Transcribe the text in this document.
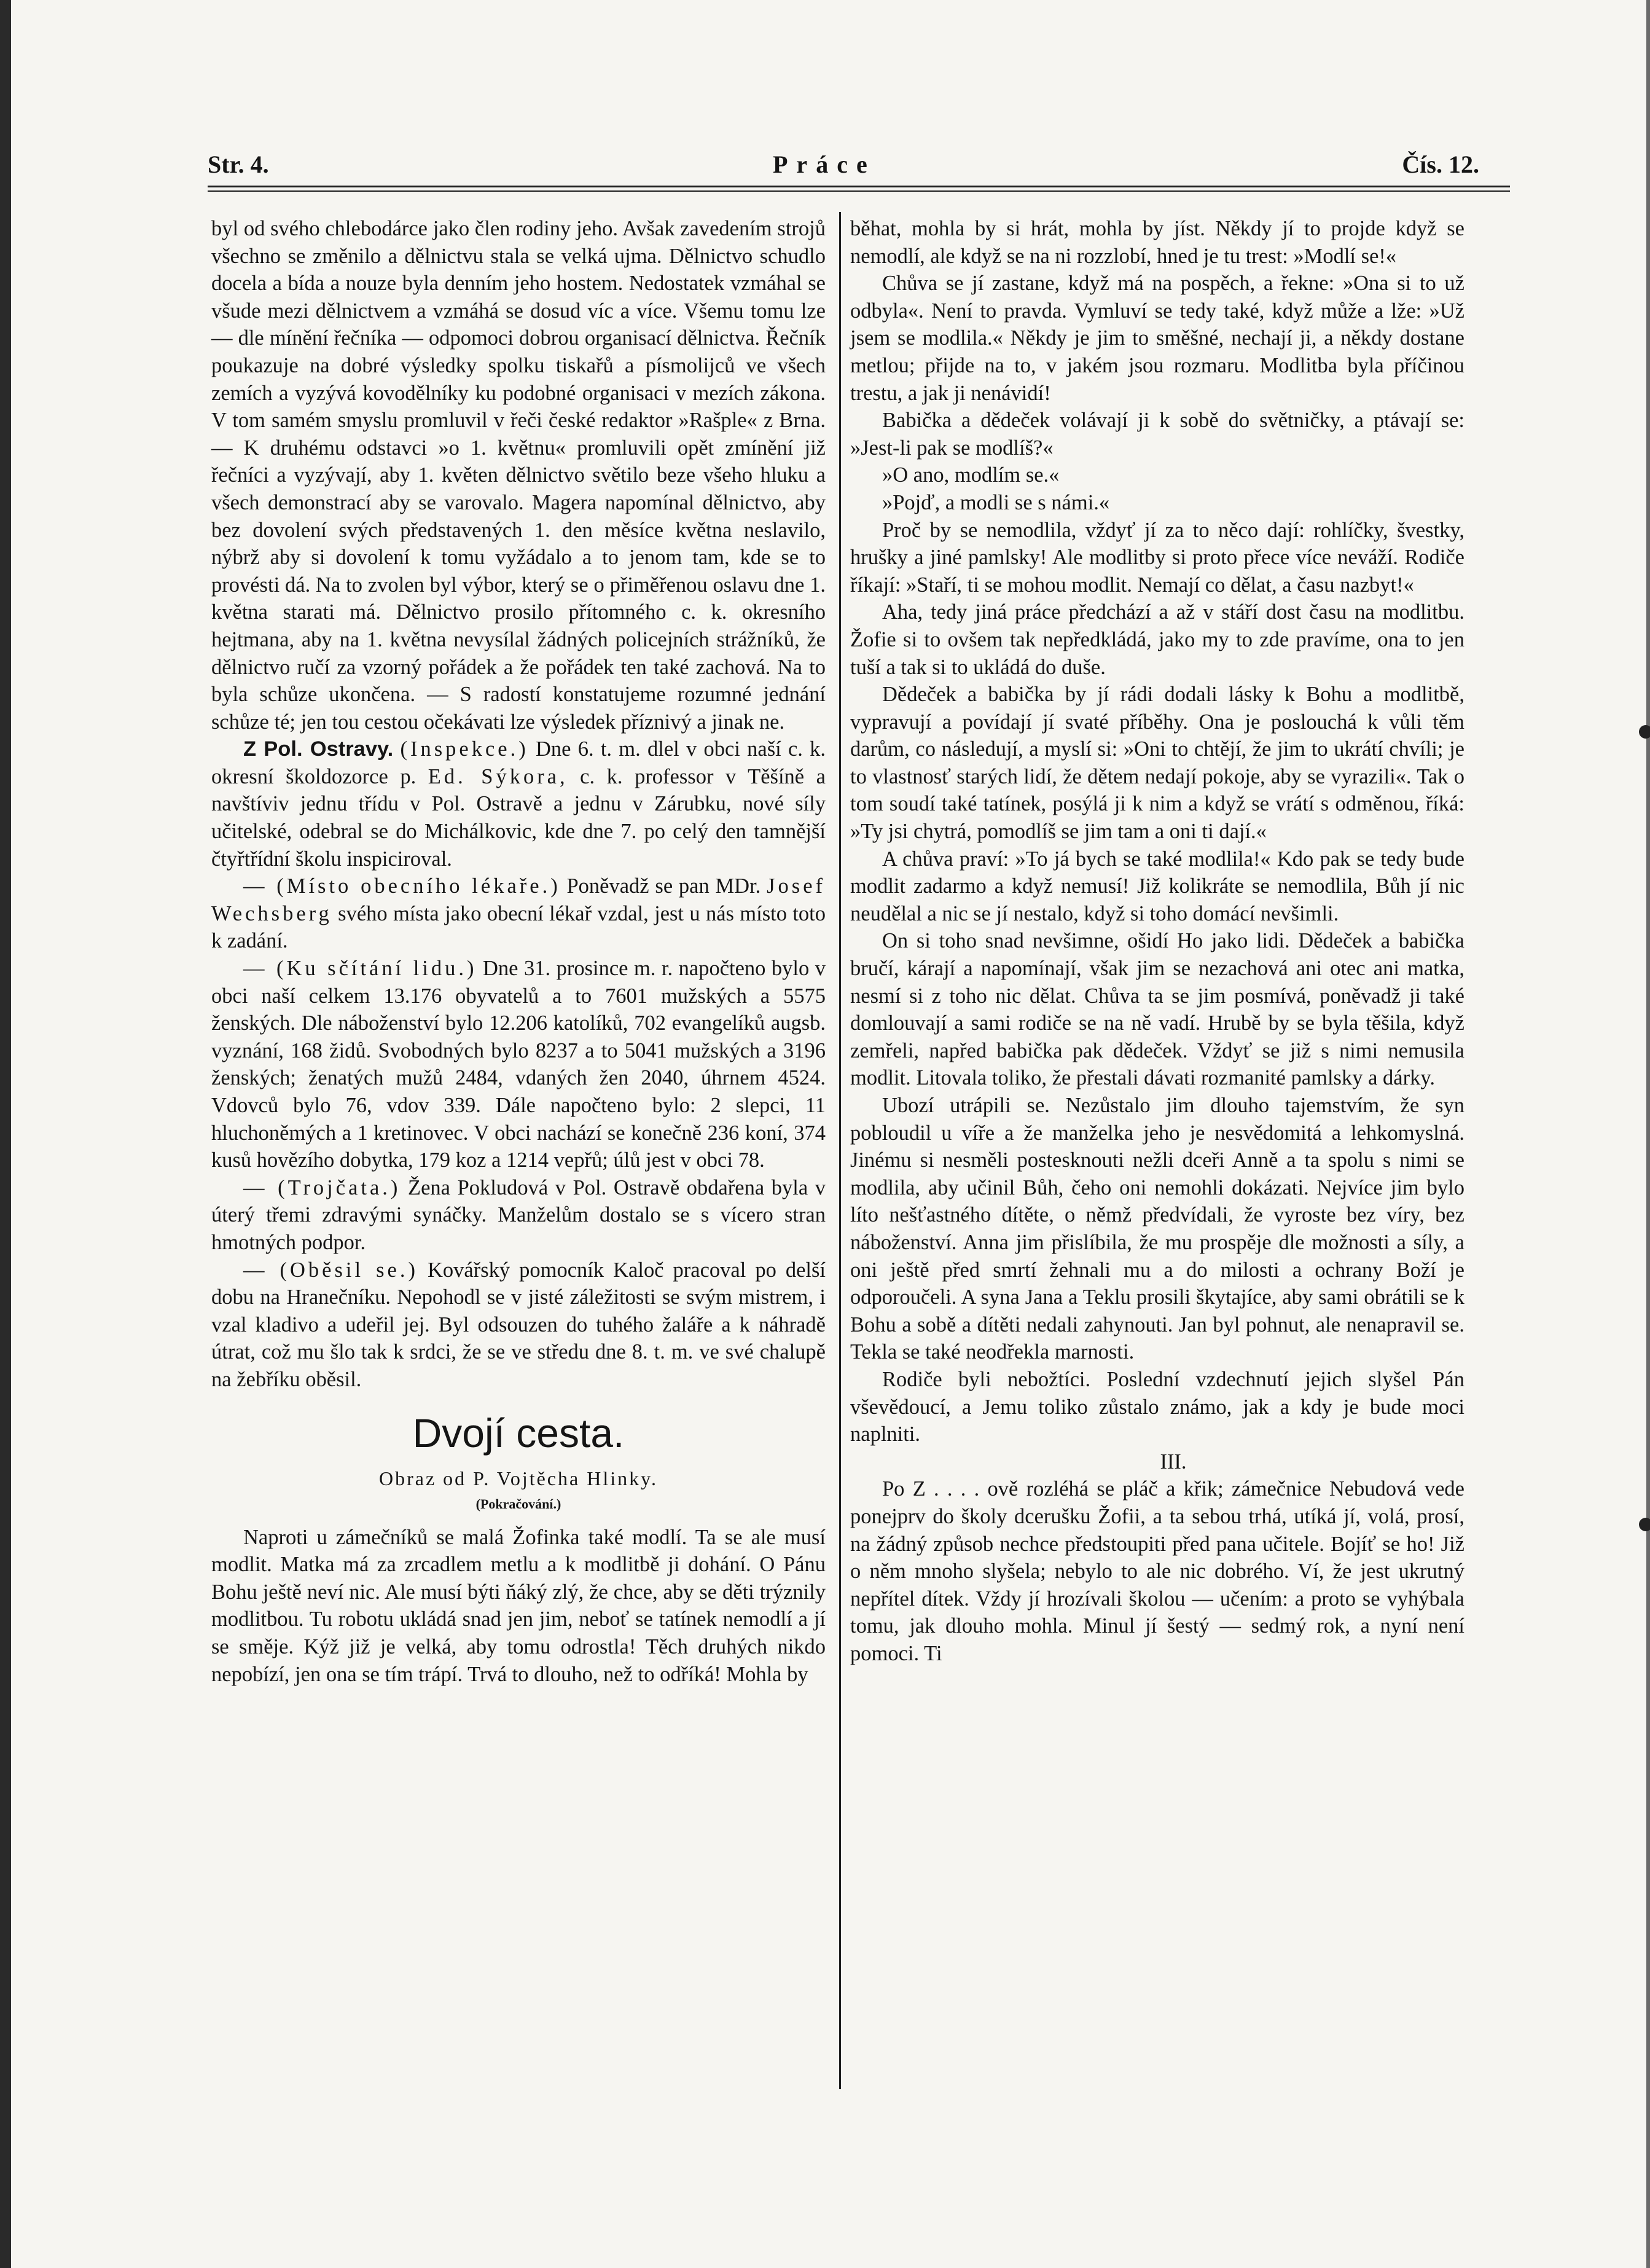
Str. 4.	Práce	Čís. 12.

byl od svého chlebodárce jako člen rodiny jeho. Avšak zavedením strojů všechno se změnilo a dělnictvu stala se velká ujma. Dělnictvo schudlo docela a bída a nouze byla denním jeho hostem. Nedostatek vzmáhal se všude mezi dělnictvem a vzmáhá se dosud víc a více. Všemu tomu lze — dle mínění řečníka — odpomoci dobrou organisací dělnictva. Řečník poukazuje na dobré výsledky spolku tiskařů a písmolijců ve všech zemích a vyzývá kovodělníky ku podobné organisaci v mezích zákona. V tom samém smyslu promluvil v řeči české redaktor »Rašple« z Brna. — K druhému odstavci »o 1. květnu« promluvili opět zmínění již řečníci a vyzývají, aby 1. květen dělnictvo světilo beze všeho hluku a všech demonstrací aby se varovalo. Magera napomínal dělnictvo, aby bez dovolení svých představených 1. den měsíce května neslavilo, nýbrž aby si dovolení k tomu vyžádalo a to jenom tam, kde se to provésti dá. Na to zvolen byl výbor, který se o přiměřenou oslavu dne 1. května starati má. Dělnictvo prosilo přítomného c. k. okresního hejtmana, aby na 1. května nevysílal žádných policejních strážníků, že dělnictvo ručí za vzorný pořádek a že pořádek ten také zachová. Na to byla schůze ukončena. — S radostí konstatujeme rozumné jednání schůze té; jen tou cestou očekávati lze výsledek příznivý a jinak ne.

Z Pol. Ostravy. (Inspekce.) Dne 6. t. m. dlel v obci naší c. k. okresní školdozorce p. Ed. Sýkora, c. k. professor v Těšíně a navštíviv jednu třídu v Pol. Ostravě a jednu v Zárubku, nové síly učitelské, odebral se do Michálkovic, kde dne 7. po celý den tamnější čtyřtřídní školu inspiciroval.

— (Místo obecního lékaře.) Poněvadž se pan MDr. Josef Wechsberg svého místa jako obecní lékař vzdal, jest u nás místo toto k zadání.

— (Ku sčítání lidu.) Dne 31. prosince m. r. napočteno bylo v obci naší celkem 13.176 obyvatelů a to 7601 mužských a 5575 ženských. Dle náboženství bylo 12.206 katolíků, 702 evangelíků augsb. vyznání, 168 židů. Svobodných bylo 8237 a to 5041 mužských a 3196 ženských; ženatých mužů 2484, vdaných žen 2040, úhrnem 4524. Vdovců bylo 76, vdov 339. Dále napočteno bylo: 2 slepci, 11 hluchoněmých a 1 kretinovec. V obci nachází se konečně 236 koní, 374 kusů hovězího dobytka, 179 koz a 1214 vepřů; úlů jest v obci 78.

— (Trojčata.) Žena Pokludová v Pol. Ostravě obdařena byla v úterý třemi zdravými synáčky. Manželům dostalo se s vícero stran hmotných podpor.

— (Oběsil se.) Kovářský pomocník Kaloč pracoval po delší dobu na Hranečníku. Nepohodl se v jisté záležitosti se svým mistrem, i vzal kladivo a udeřil jej. Byl odsouzen do tuhého žaláře a k náhradě útrat, což mu šlo tak k srdci, že se ve středu dne 8. t. m. ve své chalupě na žebříku oběsil.

Dvojí cesta.
Obraz od P. Vojtěcha Hlinky.
(Pokračování.)

Naproti u zámečníků se malá Žofinka také modlí. Ta se ale musí modlit. Matka má za zrcadlem metlu a k modlitbě ji dohání. O Pánu Bohu ještě neví nic. Ale musí býti ňáký zlý, že chce, aby se děti trýznily modlitbou. Tu robotu ukládá snad jen jim, neboť se tatínek nemodlí a jí se směje. Kýž již je velká, aby tomu odrostla! Těch druhých nikdo nepobízí, jen ona se tím trápí. Trvá to dlouho, než to odříká! Mohla by

běhat, mohla by si hrát, mohla by jíst. Někdy jí to projde když se nemodlí, ale když se na ni rozzlobí, hned je tu trest: »Modlí se!«

Chůva se jí zastane, když má na pospěch, a řekne: »Ona si to už odbyla«. Není to pravda. Vymluví se tedy také, když může a lže: »Už jsem se modlila.« Někdy je jim to směšné, nechají ji, a někdy dostane metlou; přijde na to, v jakém jsou rozmaru. Modlitba byla příčinou trestu, a jak ji nenávidí!

Babička a dědeček volávají ji k sobě do světničky, a ptávají se: »Jest-li pak se modlíš?«

»O ano, modlím se.«

»Pojď, a modli se s námi.«

Proč by se nemodlila, vždyť jí za to něco dají: rohlíčky, švestky, hrušky a jiné pamlsky! Ale modlitby si proto přece více neváží. Rodiče říkají: »Staří, ti se mohou modlit. Nemají co dělat, a času nazbyt!«

Aha, tedy jiná práce předchází a až v stáří dost času na modlitbu. Žofie si to ovšem tak nepředkládá, jako my to zde pravíme, ona to jen tuší a tak si to ukládá do duše.

Dědeček a babička by jí rádi dodali lásky k Bohu a modlitbě, vypravují a povídají jí svaté příběhy. Ona je poslouchá k vůli těm darům, co následují, a myslí si: »Oni to chtějí, že jim to ukrátí chvíli; je to vlastnosť starých lidí, že dětem nedají pokoje, aby se vyrazili«. Tak o tom soudí také tatínek, posýlá ji k nim a když se vrátí s odměnou, říká: »Ty jsi chytrá, pomodlíš se jim tam a oni ti dají.«

A chůva praví: »To já bych se také modlila!« Kdo pak se tedy bude modlit zadarmo a když nemusí! Již kolikráte se nemodlila, Bůh jí nic neudělal a nic se jí nestalo, když si toho domácí nevšimli.

On si toho snad nevšimne, ošidí Ho jako lidi. Dědeček a babička bručí, kárají a napomínají, však jim se nezachová ani otec ani matka, nesmí si z toho nic dělat. Chůva ta se jim posmívá, poněvadž ji také domlouvají a sami rodiče se na ně vadí. Hrubě by se byla těšila, když zemřeli, napřed babička pak dědeček. Vždyť se již s nimi nemusila modlit. Litovala toliko, že přestali dávati rozmanité pamlsky a dárky.

Ubozí utrápili se. Nezůstalo jim dlouho tajemstvím, že syn pobloudil u víře a že manželka jeho je nesvědomitá a lehkomyslná. Jinému si nesměli postesknouti nežli dceři Anně a ta spolu s nimi se modlila, aby učinil Bůh, čeho oni nemohli dokázati. Nejvíce jim bylo líto nešťastného dítěte, o němž předvídali, že vyroste bez víry, bez náboženství. Anna jim přislíbila, že mu prospěje dle možnosti a síly, a oni ještě před smrtí žehnali mu a do milosti a ochrany Boží je odporoučeli. A syna Jana a Teklu prosili škytajíce, aby sami obrátili se k Bohu a sobě a dítěti nedali zahynouti. Jan byl pohnut, ale nenapravil se. Tekla se také neodřekla marnosti.

Rodiče byli nebožtíci. Poslední vzdechnutí jejich slyšel Pán vševědoucí, a Jemu toliko zůstalo známo, jak a kdy je bude moci naplniti.

III.

Po Z . . . . ově rozléhá se pláč a křik; zámečnice Nebudová vede ponejprv do školy dcerušku Žofii, a ta sebou trhá, utíká jí, volá, prosí, na žádný způsob nechce předstoupiti před pana učitele. Bojíť se ho! Již o něm mnoho slyšela; nebylo to ale nic dobrého. Ví, že jest ukrutný nepřítel dítek. Vždy jí hrozívali školou — učením: a proto se vyhýbala tomu, jak dlouho mohla. Minul jí šestý — sedmý rok, a nyní není pomoci. Ti
